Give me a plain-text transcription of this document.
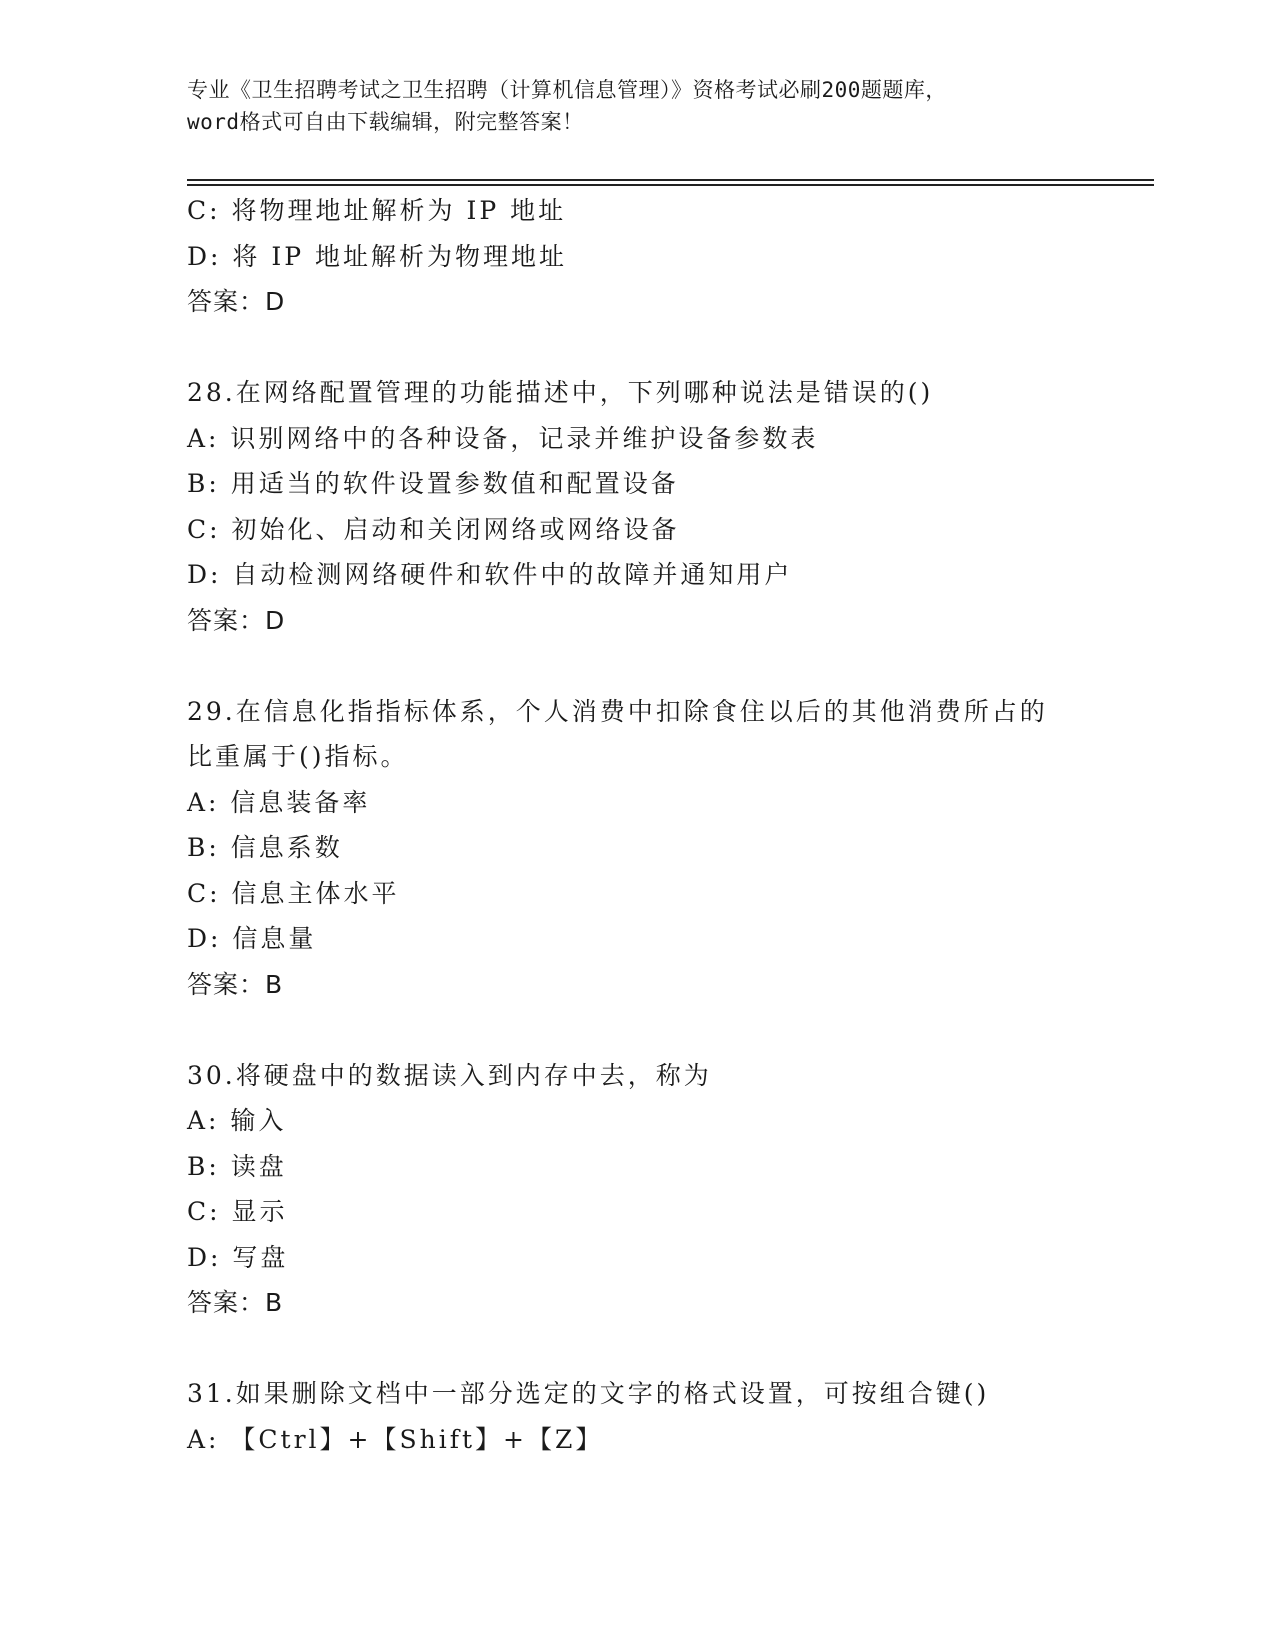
专业《卫生招聘考试之卫生招聘（计算机信息管理）》资格考试必刷200题题库，
word格式可自由下载编辑，附完整答案！
C: 将物理地址解析为 IP 地址
D: 将 IP 地址解析为物理地址
答案：D
28.在网络配置管理的功能描述中，下列哪种说法是错误的()
A: 识别网络中的各种设备，记录并维护设备参数表
B: 用适当的软件设置参数值和配置设备
C: 初始化、启动和关闭网络或网络设备
D: 自动检测网络硬件和软件中的故障并通知用户
答案：D
29.在信息化指指标体系，个人消费中扣除食住以后的其他消费所占的
比重属于()指标。
A: 信息装备率
B: 信息系数
C: 信息主体水平
D: 信息量
答案：B
30.将硬盘中的数据读入到内存中去，称为
A: 输入
B: 读盘
C: 显示
D: 写盘
答案：B
31.如果删除文档中一部分选定的文字的格式设置，可按组合键()
A: 【Ctrl】+【Shift】+【Z】
